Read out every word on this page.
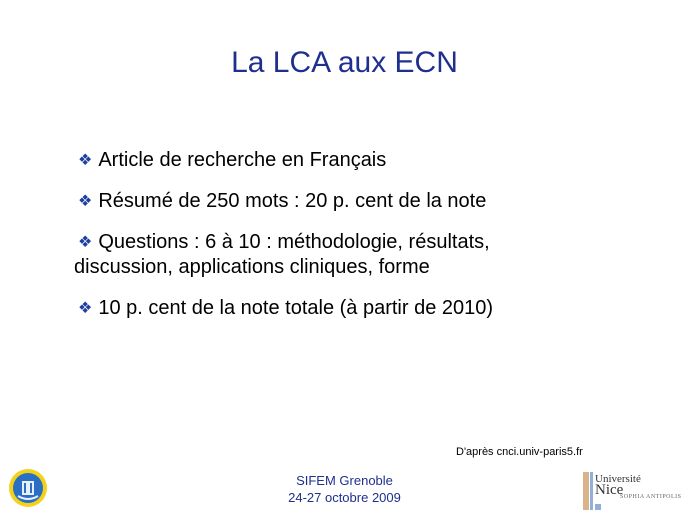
La LCA aux ECN
❖ Article de recherche en Français
❖ Résumé de 250 mots : 20 p. cent de la note
❖ Questions : 6 à 10 : méthodologie, résultats,
discussion, applications cliniques, forme
❖ 10 p. cent de la note totale (à partir de 2010)
D'après cnci.univ-paris5.fr
SIFEM Grenoble
24-27 octobre 2009
Université
Nice
SOPHIA ANTIPOLIS
